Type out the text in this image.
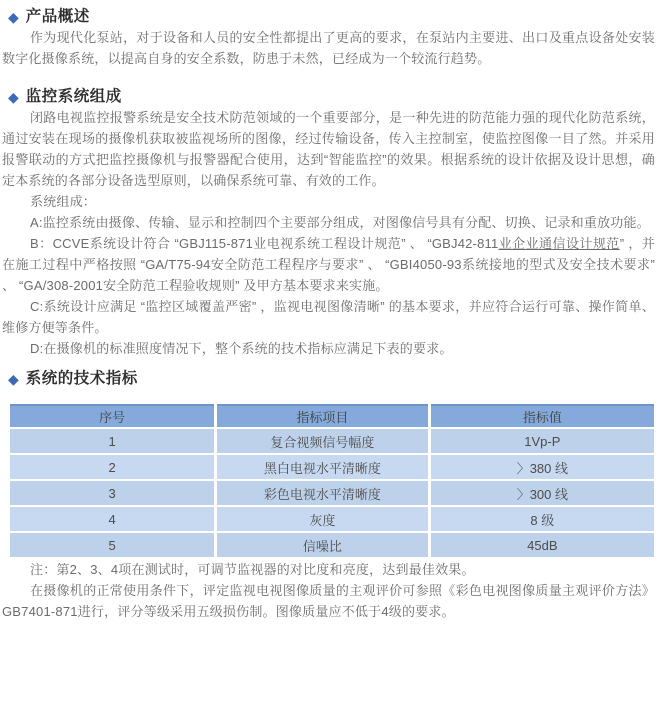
◆ 产品概述

作为现代化泵站，对于设备和人员的安全性都提出了更高的要求，在泵站内主要进、出口及重点设备处安装数字化摄像系统，以提高自身的安全系数，防患于未然，已经成为一个较流行趋势。

◆ 监控系统组成

闭路电视监控报警系统是安全技术防范领域的一个重要部分，是一种先进的防范能力强的现代化防范系统，通过安装在现场的摄像机获取被监视场所的图像，经过传输设备，传入主控制室，使监控图像一目了然。并采用报警联动的方式把监控摄像机与报警器配合使用，达到“智能监控”的效果。根据系统的设计依据及设计思想，确定本系统的各部分设备选型原则，以确保系统可靠、有效的工作。

系统组成：

A:监控系统由摄像、传输、显示和控制四个主要部分组成，对图像信号具有分配、切换、记录和重放功能。

B：CCVE系统设计符合 “GBJ115-871业电视系统工程设计规范” 、 “GBJ42-811业企业通信设计规范” ，并在施工过程中严格按照 “GA/T75-94安全防范工程程序与要求” 、 “GBI4050-93系统接地的型式及安全技术要求” 、 “GA/308-2001安全防范工程验收规则” 及甲方基本要求来实施。

C:系统设计应满足 “监控区域覆盖严密” ，监视电视图像清晰” 的基本要求，并应符合运行可靠、操作简单、维修方便等条件。

D:在摄像机的标准照度情况下，整个系统的技术指标应满足下表的要求。

◆ 系统的技术指标
序号	指标项目	指标值
1	复合视频信号幅度	1Vp-P
2	黑白电视水平清晰度	〉380 线
3	彩色电视水平清晰度	〉300 线
4	灰度	8 级
5	信噪比	45dB

注：第2、3、4项在测试时，可调节监视器的对比度和亮度，达到最佳效果。

在摄像机的正常使用条件下，评定监视电视图像质量的主观评价可参照《彩色电视图像质量主观评价方法》GB7401-871进行，评分等级采用五级损伤制。图像质量应不低于4级的要求。
